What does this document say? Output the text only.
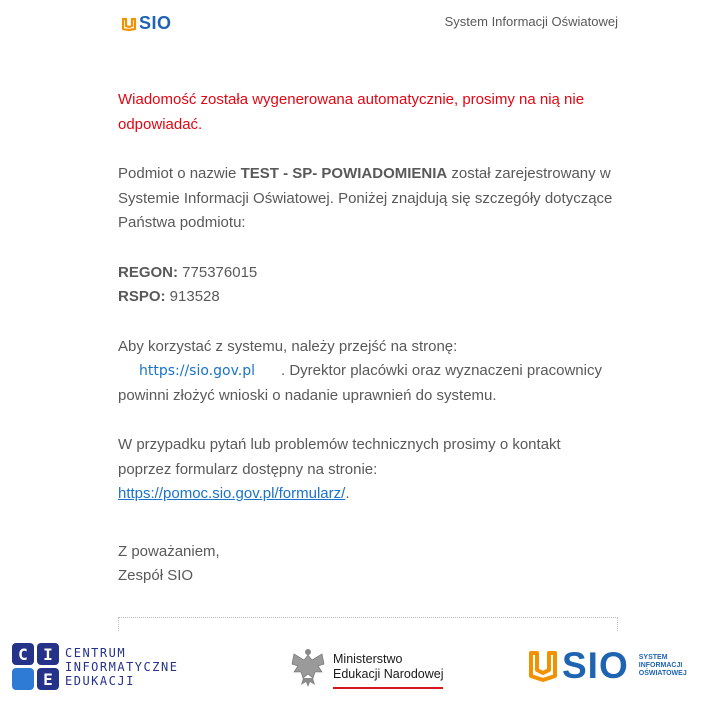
SIO	System Informacji Oświatowej

Wiadomość została wygenerowana automatycznie, prosimy na nią nie odpowiadać.

Podmiot o nazwie TEST - SP- POWIADOMIENIA został zarejestrowany w Systemie Informacji Oświatowej. Poniżej znajdują się szczegóły dotyczące Państwa podmiotu:

REGON: 775376015

RSPO: 913528

Aby korzystać z systemu, należy przejść na stronę:
https://sio.gov.pl . Dyrektor placówki oraz wyznaczeni pracownicy powinni złożyć wnioski o nadanie uprawnień do systemu.

W przypadku pytań lub problemów technicznych prosimy o kontakt poprzez formularz dostępny na stronie:
https://pomoc.sio.gov.pl/formularz/.

Z poważaniem,

Zespół SIO

C I
E
CENTRUM
INFORMATYCZNE
EDUKACJI
Ministerstwo
Edukacji Narodowej	SIO SYSTEM
INFORMACJI
OŚWIATOWEJ
